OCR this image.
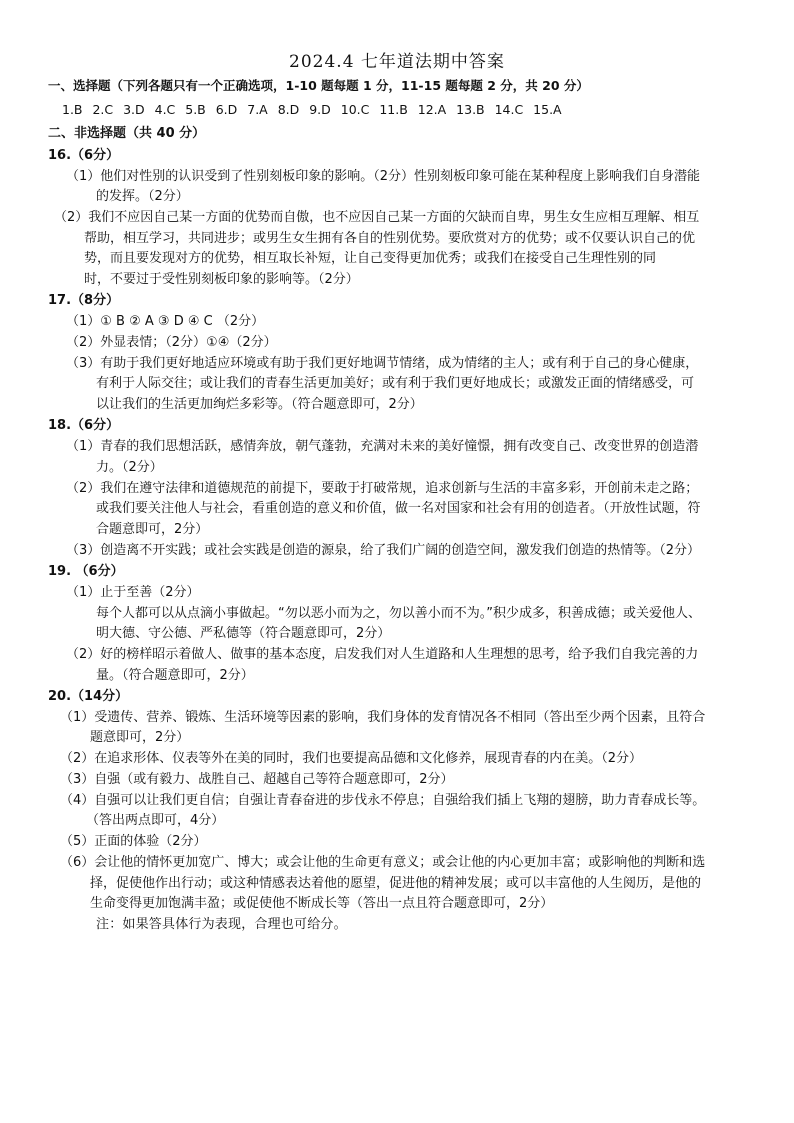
2024.4 七年道法期中答案
一、选择题（下列各题只有一个正确选项，1-10 题每题 1 分，11-15 题每题 2 分，共 20 分）
1.B 2.C 3.D 4.C 5.B 6.D 7.A 8.D 9.D 10.C 11.B 12.A 13.B 14.C 15.A
二、非选择题（共 40 分）
16.（6分）
（1）他们对性别的认识受到了性别刻板印象的影响。（2分）性别刻板印象可能在某种程度上影响我们自身潜能
的发挥。（2分）
（2）我们不应因自己某一方面的优势而自傲，也不应因自己某一方面的欠缺而自卑，男生女生应相互理解、相互
帮助，相互学习，共同进步；或男生女生拥有各自的性别优势。要欣赏对方的优势；或不仅要认识自己的优
势，而且要发现对方的优势，相互取长补短，让自己变得更加优秀；或我们在接受自己生理性别的同
时，不要过于受性别刻板印象的影响等。（2分）
17.（8分）
（1）① B ② A ③ D ④ C （2分）
（2）外显表情；（2分）①④（2分）
（3）有助于我们更好地适应环境或有助于我们更好地调节情绪，成为情绪的主人；或有利于自己的身心健康，
有利于人际交往；或让我们的青春生活更加美好；或有利于我们更好地成长；或激发正面的情绪感受，可
以让我们的生活更加绚烂多彩等。（符合题意即可，2分）
18.（6分）
（1）青春的我们思想活跃，感情奔放，朝气蓬勃，充满对未来的美好憧憬，拥有改变自己、改变世界的创造潜
力。（2分）
（2）我们在遵守法律和道德规范的前提下，要敢于打破常规，追求创新与生活的丰富多彩，开创前未走之路；
或我们要关注他人与社会，看重创造的意义和价值，做一名对国家和社会有用的创造者。（开放性试题，符
合题意即可，2分）
（3）创造离不开实践；或社会实践是创造的源泉，给了我们广阔的创造空间，激发我们创造的热情等。（2分）
19. （6分）
（1）止于至善（2分）
每个人都可以从点滴小事做起。“勿以恶小而为之，勿以善小而不为。”积少成多，积善成德；或关爱他人、
明大德、守公德、严私德等（符合题意即可，2分）
（2）好的榜样昭示着做人、做事的基本态度，启发我们对人生道路和人生理想的思考，给予我们自我完善的力
量。（符合题意即可，2分）
20.（14分）
（1）受遗传、营养、锻炼、生活环境等因素的影响，我们身体的发育情况各不相同（答出至少两个因素，且符合
题意即可，2分）
（2）在追求形体、仪表等外在美的同时，我们也要提高品德和文化修养，展现青春的内在美。（2分）
（3）自强（或有毅力、战胜自己、超越自己等符合题意即可，2分）
（4）自强可以让我们更自信；自强让青春奋进的步伐永不停息；自强给我们插上飞翔的翅膀，助力青春成长等。
（答出两点即可，4分）
（5）正面的体验（2分）
（6）会让他的情怀更加宽广、博大；或会让他的生命更有意义；或会让他的内心更加丰富；或影响他的判断和选
择，促使他作出行动；或这种情感表达着他的愿望，促进他的精神发展；或可以丰富他的人生阅历，是他的
生命变得更加饱满丰盈；或促使他不断成长等（答出一点且符合题意即可，2分）
注：如果答具体行为表现，合理也可给分。
